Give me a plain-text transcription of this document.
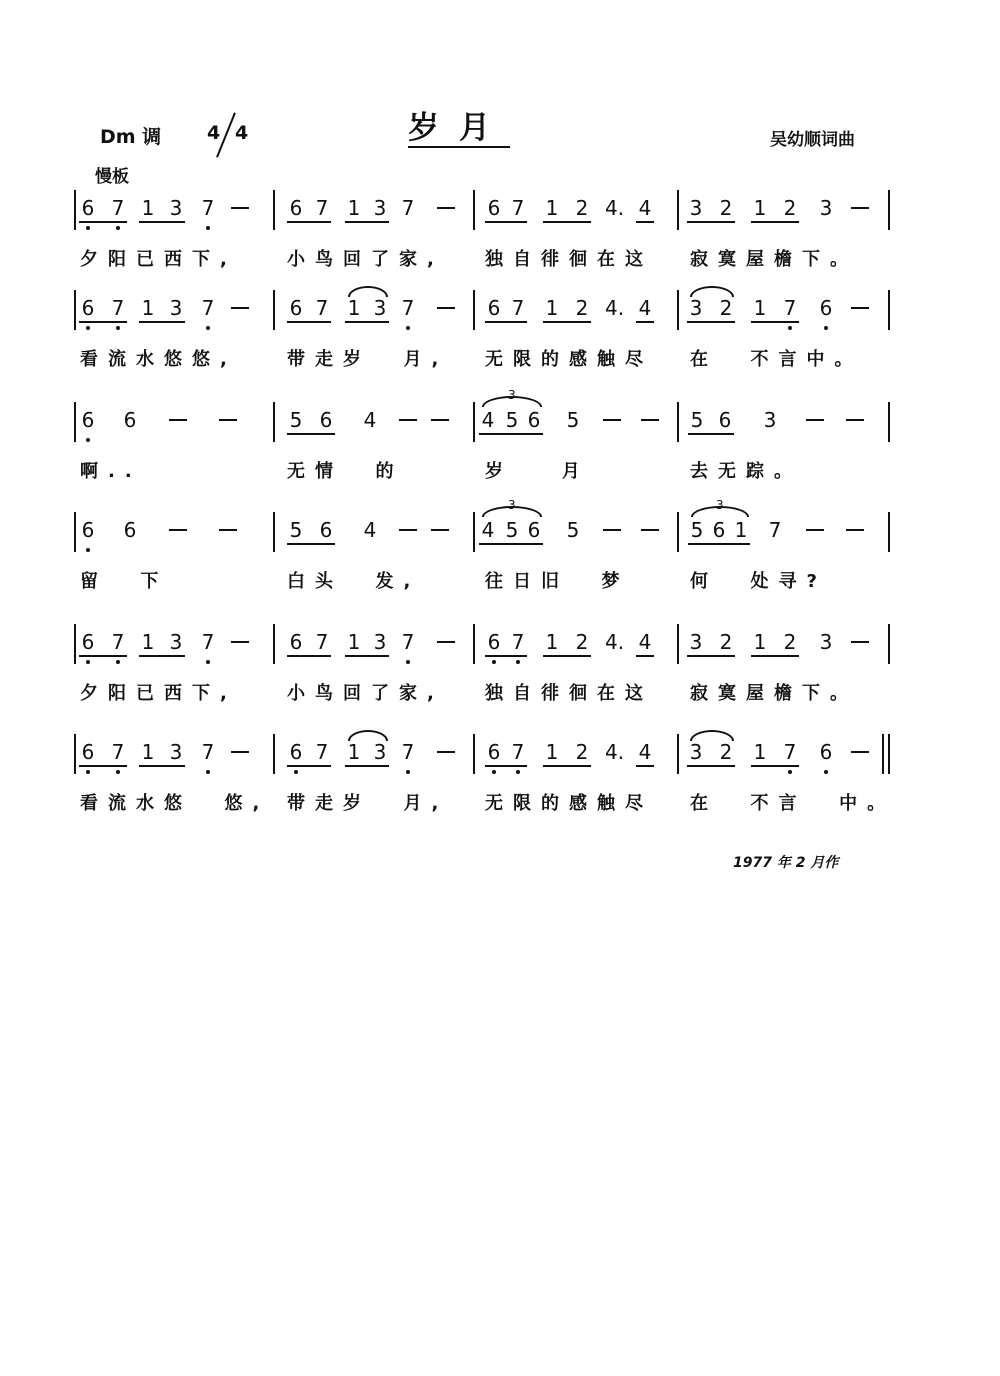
Dm 调 4 4	岁月	吴幼顺词曲
慢板
6 7 1 3 7	6 7 1 3 7	6 7 1 2 4. 4 3 2 1 2 3
夕阳已西下,	小鸟回了家, 独自徘徊在这 寂寞屋檐下。
6 7 1 3 7	6 7 1 3 7	6 7 1 2 4. 4 3 2 1 7 6
看流水悠悠,	带走岁  月, 无限的感触尽 在  不言中。
6 6	5 6 4	4 5 6 5	5 6 3
3
啊..	无情  的	岁   月	去无踪。
6 6	5 6 4	4 5 6 5	5 6 1 7
3	3
留  下	白头  发,	往日旧  梦	何  处寻?
6 7 1 3 7	6 7 1 3 7	6 7 1 2 4. 4 3 2 1 2 3
夕阳已西下,	小鸟回了家, 独自徘徊在这 寂寞屋檐下。
6 7 1 3 7	6 7 1 3 7	6 7 1 2 4. 4 3 2 1 7 6
看流水悠  悠, 带走岁  月, 无限的感触尽 在  不言  中。
1977 年 2 月作
